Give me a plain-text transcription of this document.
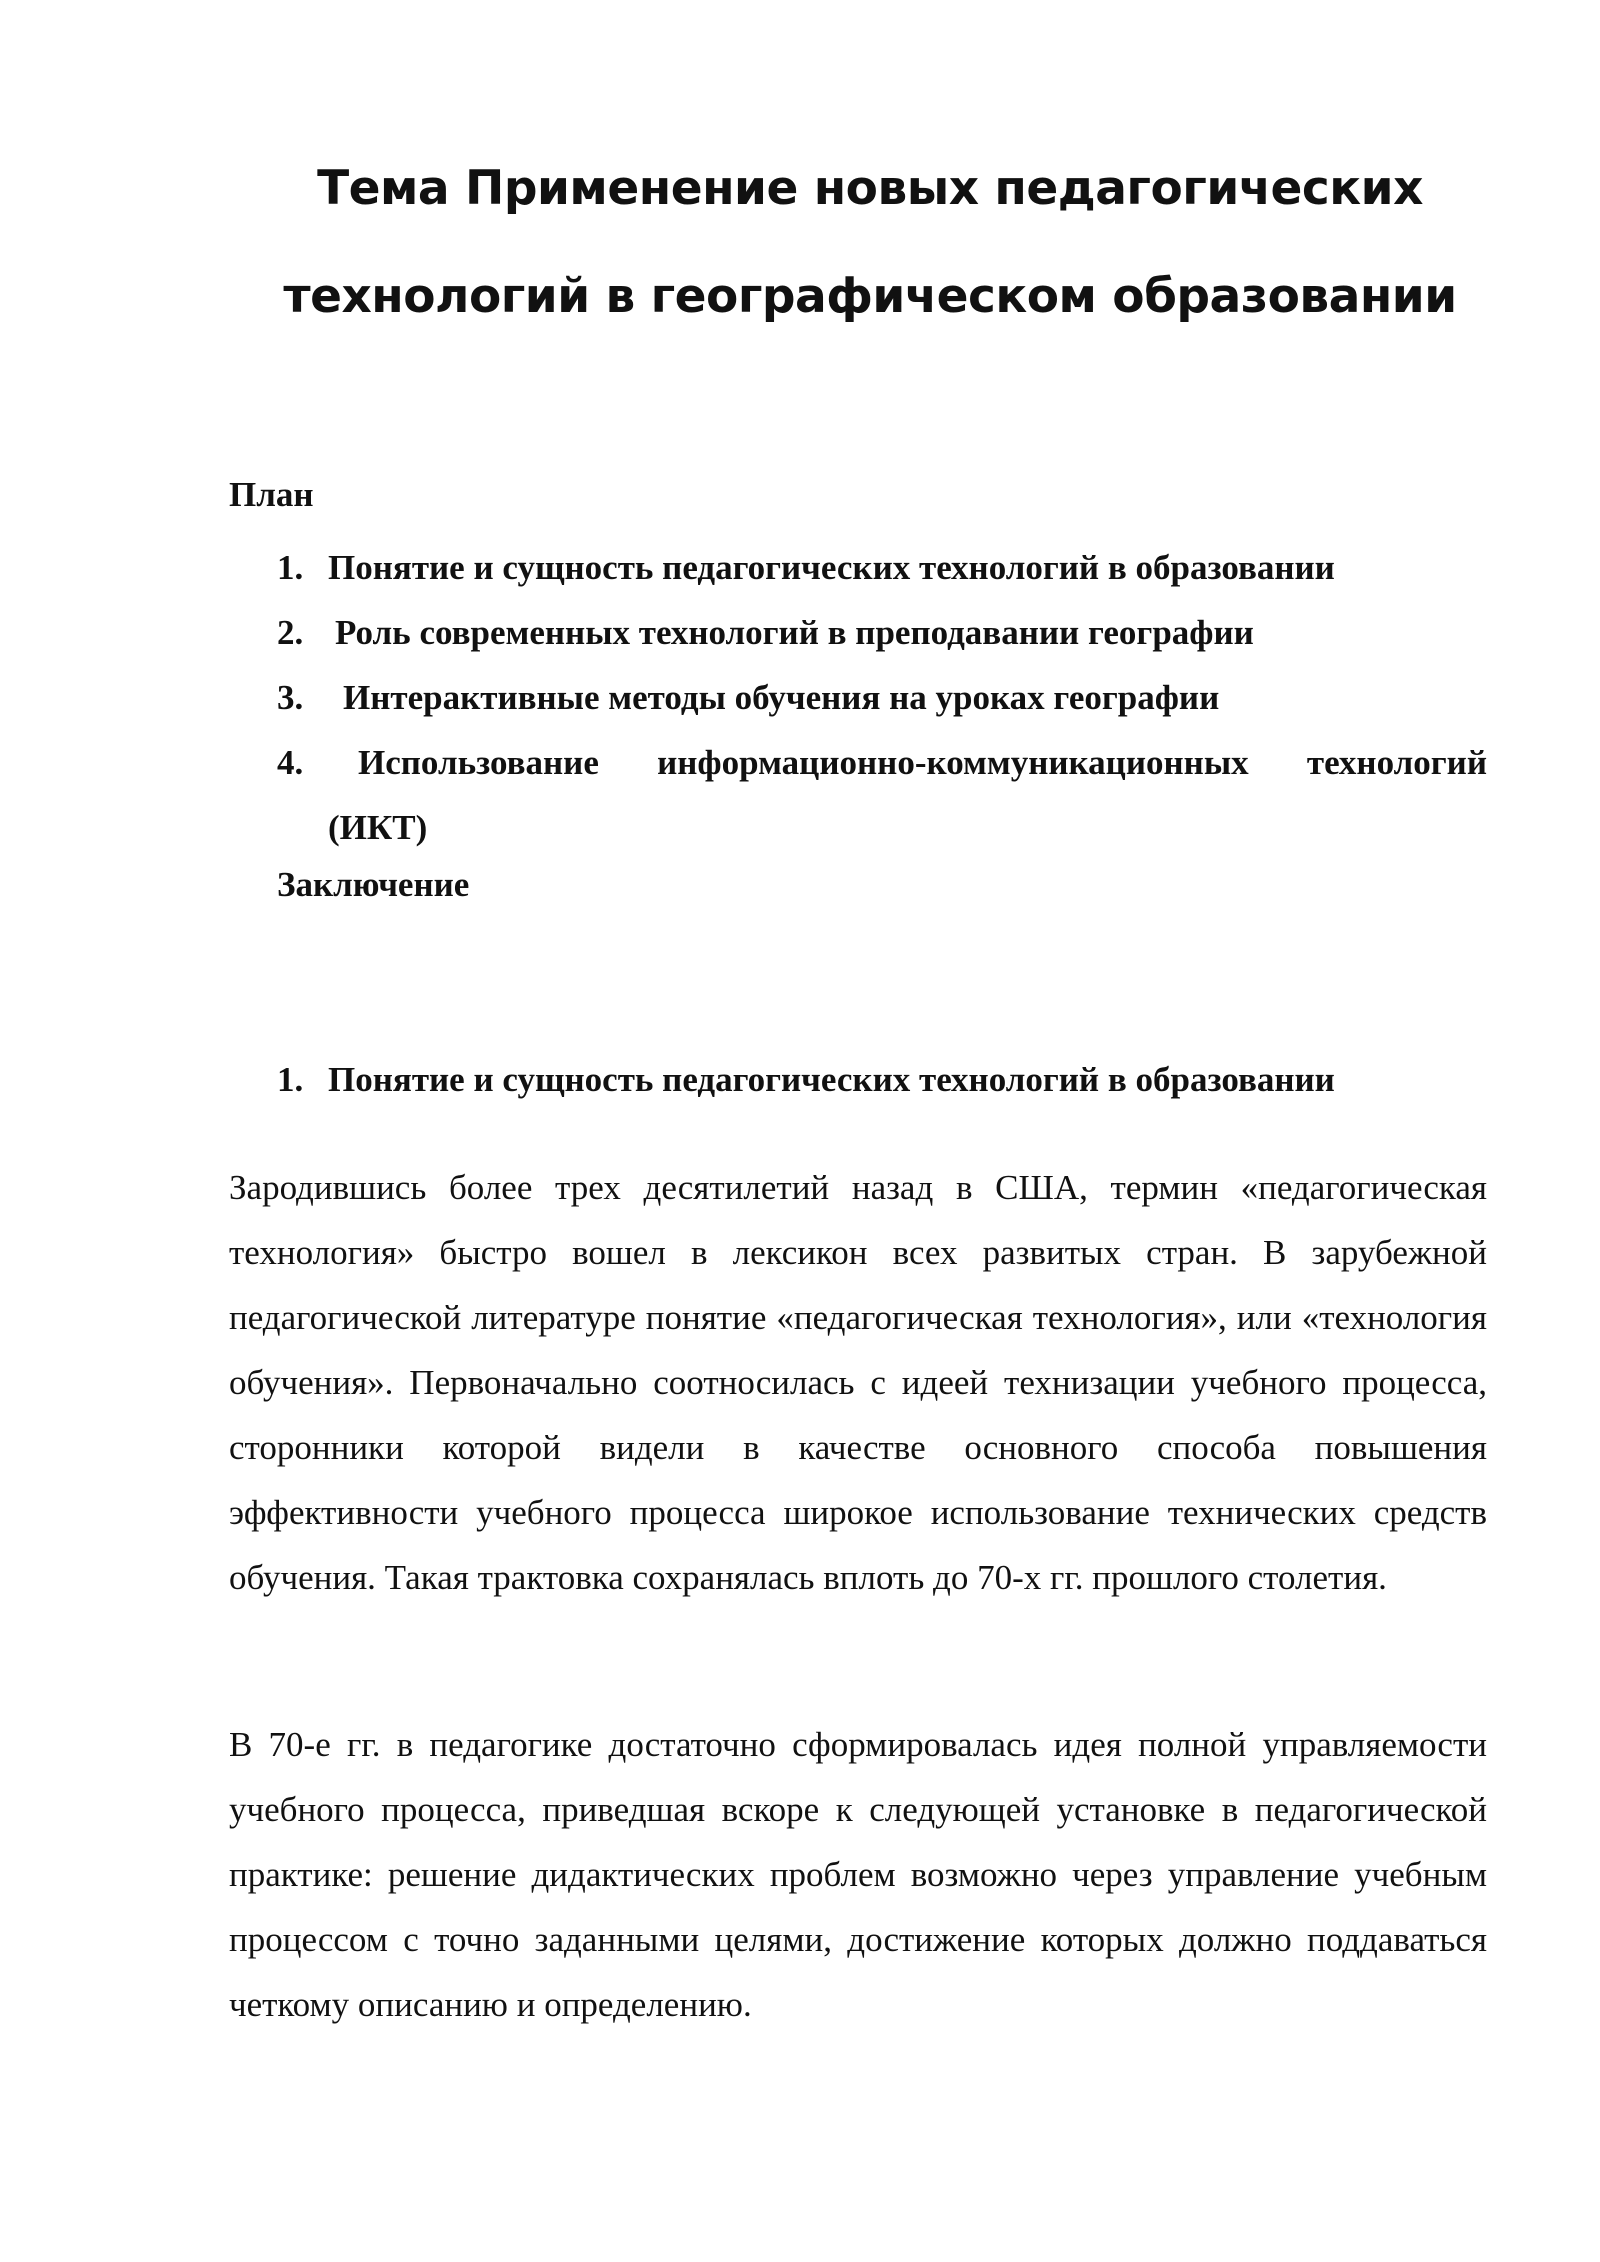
Тема Применение новых педагогических
технологий в географическом образовании
План
1. Понятие и сущность педагогических технологий в образовании
2. Роль современных технологий в преподавании географии
3. Интерактивные методы обучения на уроках географии
4.	Использование информационно-коммуникационных технологий (ИКТ)
Заключение
1. Понятие и сущность педагогических технологий в образовании

Зародившись более трех десятилетий назад в США, термин «педагогическая технология» быстро вошел в лексикон всех развитых стран. В зарубежной педагогической литературе понятие «педагогическая технология», или «технология обучения». Первоначально соотносилась с идеей технизации учебного процесса, сторонники которой видели в качестве основного способа повышения эффективности учебного процесса широкое использование технических средств обучения. Такая трактовка сохранялась вплоть до 70-х гг. прошлого столетия.

В 70-е гг. в педагогике достаточно сформировалась идея полной управляемости учебного процесса, приведшая вскоре к следующей установке в педагогической практике: решение дидактических проблем возможно через управление учебным процессом с точно заданными целями, достижение которых должно поддаваться четкому описанию и определению.
